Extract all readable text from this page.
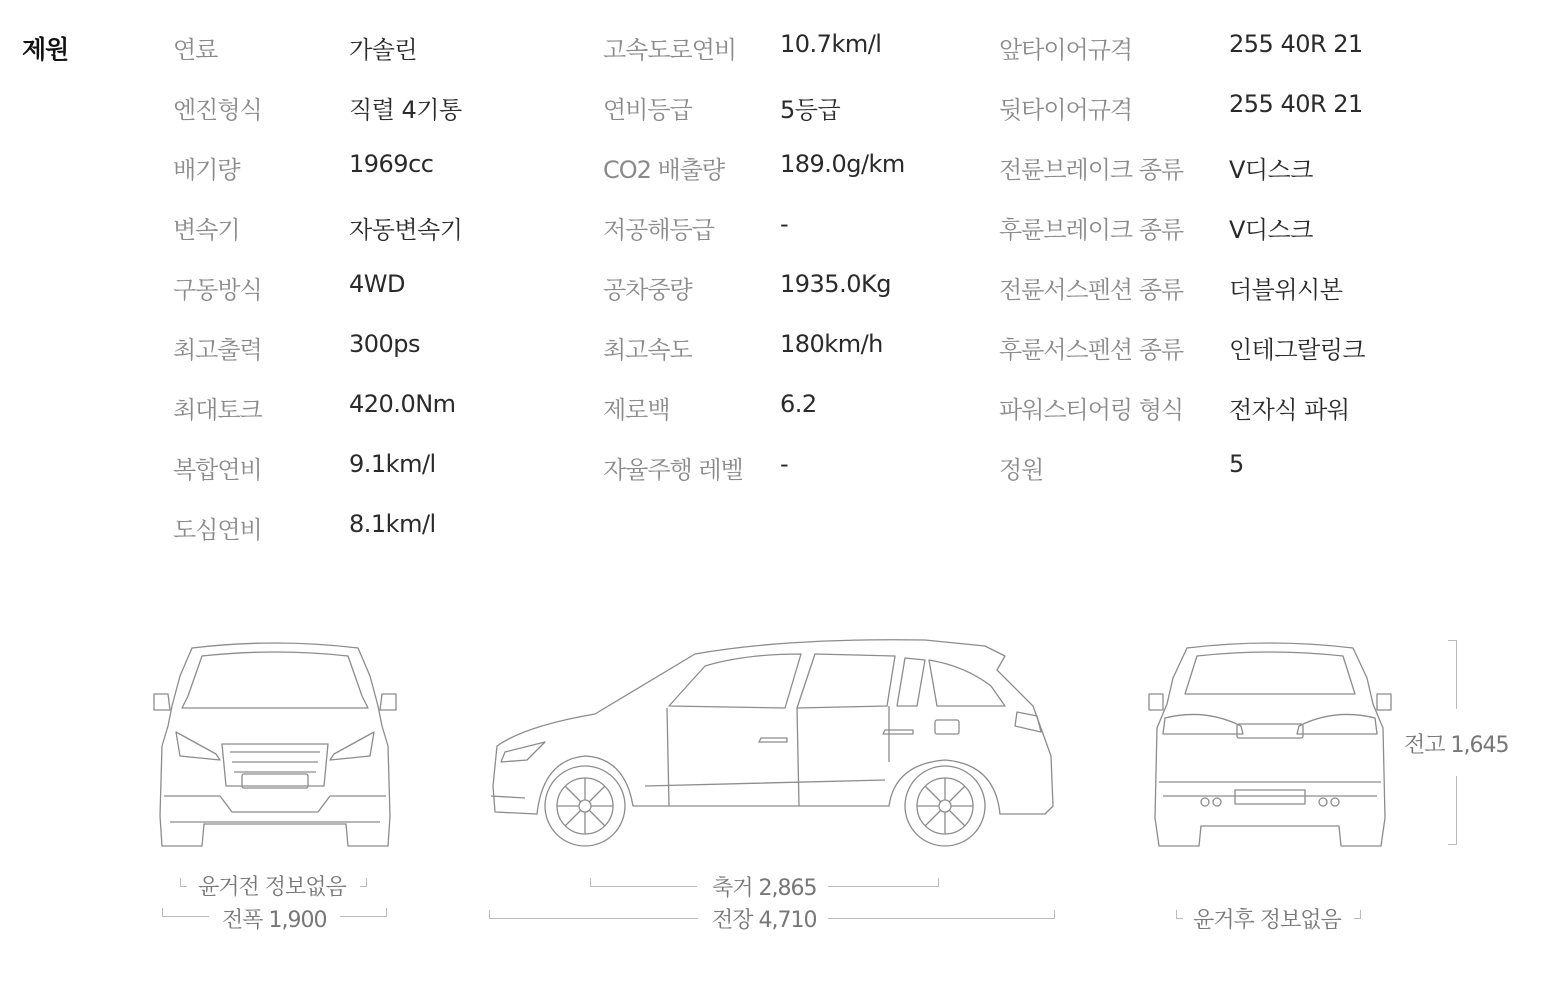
제원	연료	가솔린
엔진형식	직렬 4기통
배기량	1969cc
변속기	자동변속기
구동방식	4WD
최고출력	300ps
최대토크	420.0Nm
복합연비	9.1km/l
도심연비	8.1km/l
고속도로연비	10.7km/l
연비등급	5등급
CO2 배출량	189.0g/km
저공해등급	-
공차중량	1935.0Kg
최고속도	180km/h
제로백	6.2
자율주행 레벨	-
앞타이어규격	255 40R 21
뒷타이어규격	255 40R 21
전륜브레이크 종류	V디스크
후륜브레이크 종류	V디스크
전륜서스펜션 종류	더블위시본
후륜서스펜션 종류	인테그랄링크
파워스티어링 형식	전자식 파워
정원	5
윤거전 정보없음
전폭 1,900
축거 2,865
전장 4,710	윤거후 정보없음
전고 1,645
